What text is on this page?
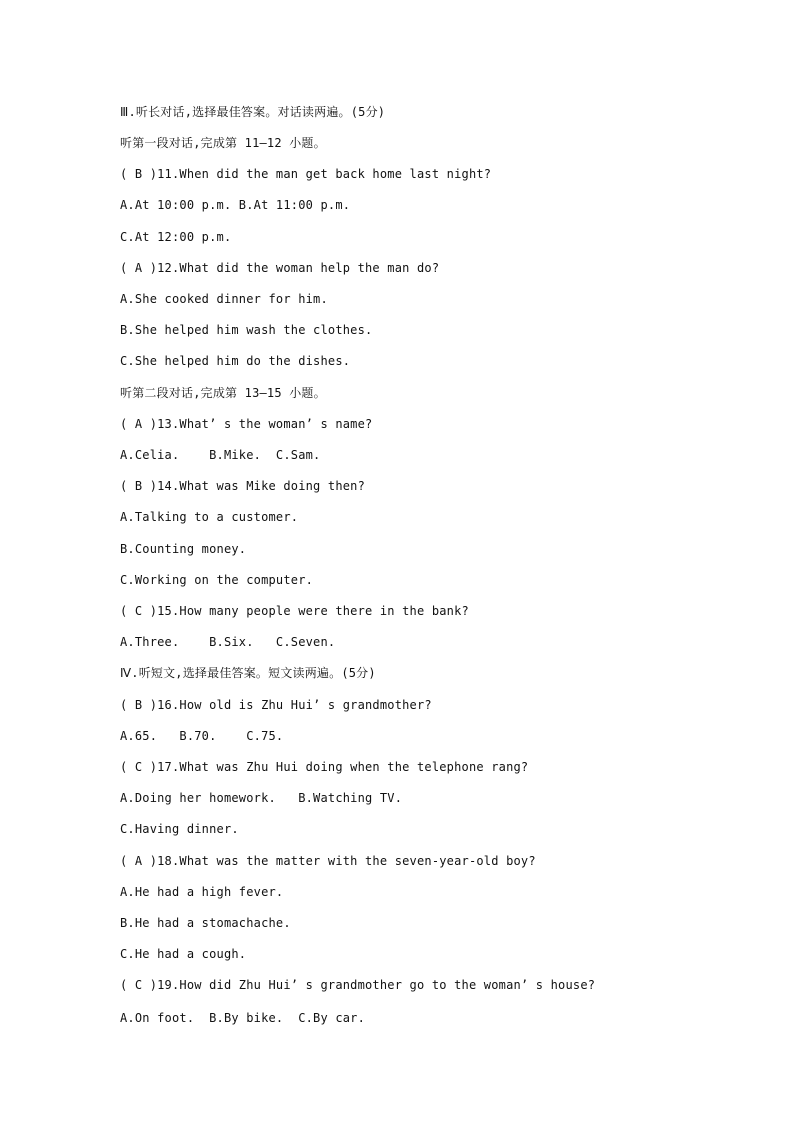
Ⅲ.听长对话,选择最佳答案。对话读两遍。(5分)
听第一段对话,完成第 11—12 小题。
( B )11.When did the man get back home last night?
A.At 10:00 p.m. B.At 11:00 p.m.
C.At 12:00 p.m.
( A )12.What did the woman help the man do?
A.She cooked dinner for him.
B.She helped him wash the clothes.
C.She helped him do the dishes.
听第二段对话,完成第 13—15 小题。
( A )13.What’ s the woman’ s name?
A.Celia.    B.Mike.  C.Sam.
( B )14.What was Mike doing then?
A.Talking to a customer.
B.Counting money.
C.Working on the computer.
( C )15.How many people were there in the bank?
A.Three.    B.Six.   C.Seven.
Ⅳ.听短文,选择最佳答案。短文读两遍。(5分)
( B )16.How old is Zhu Hui’ s grandmother?
A.65.   B.70.    C.75.
( C )17.What was Zhu Hui doing when the telephone rang?
A.Doing her homework.   B.Watching TV.
C.Having dinner.
( A )18.What was the matter with the seven-year-old boy?
A.He had a high fever.
B.He had a stomachache.
C.He had a cough.
( C )19.How did Zhu Hui’ s grandmother go to the woman’ s house?
A.On foot.  B.By bike.  C.By car.
